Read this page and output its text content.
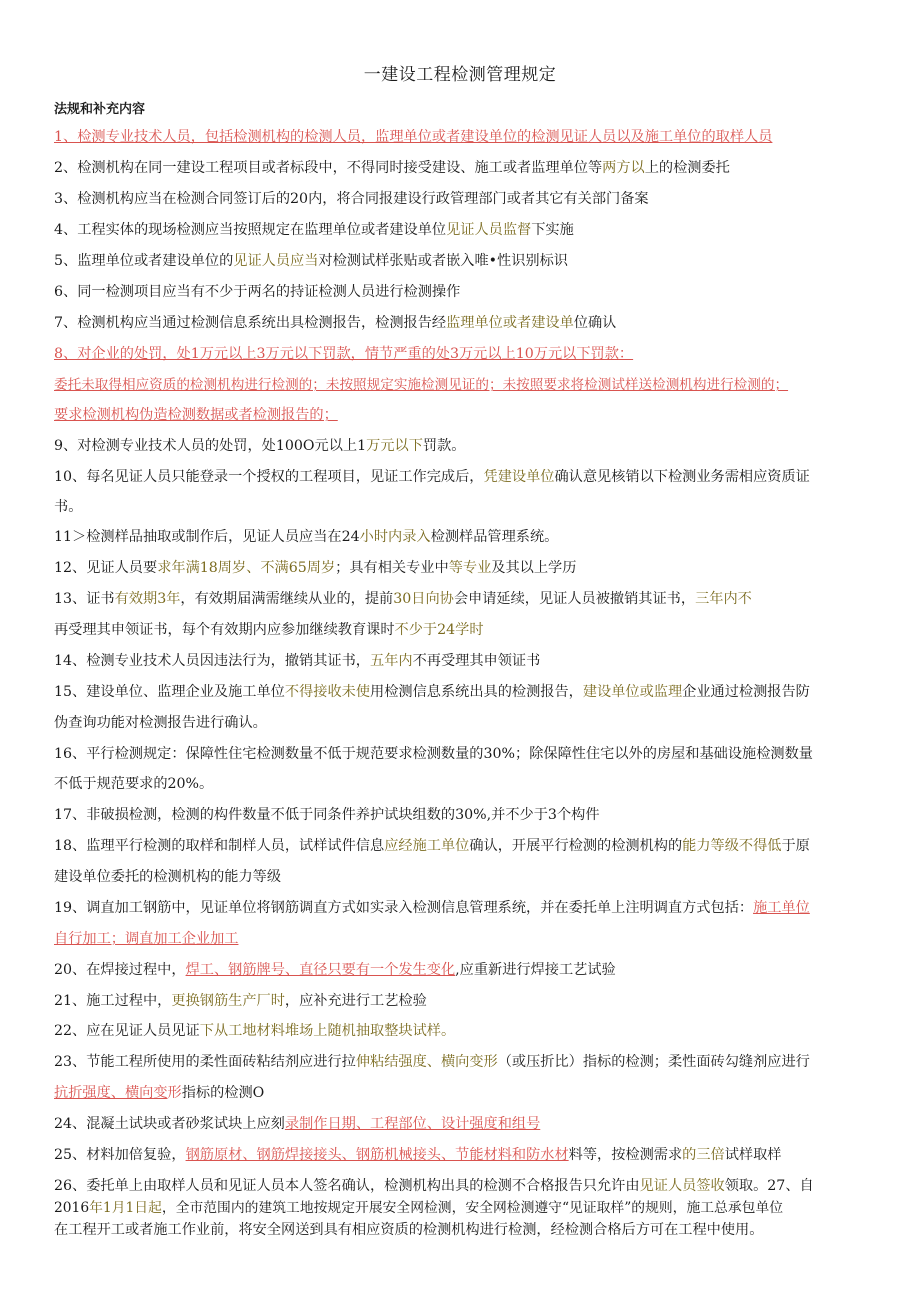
一建设工程检测管理规定
法规和补充内容
1、检测专业技术人员，包括检测机构的检测人员，监理单位或者建设单位的检测见证人员以及施工单位的取样人员
2、检测机构在同一建设工程项目或者标段中，不得同时接受建设、施工或者监理单位等两方以上的检测委托
3、检测机构应当在检测合同签订后的20内，将合同报建设行政管理部门或者其它有关部门备案
4、工程实体的现场检测应当按照规定在监理单位或者建设单位见证人员监督下实施
5、监理单位或者建设单位的见证人员应当对检测试样张贴或者嵌入唯•性识别标识
6、同一检测项目应当有不少于两名的持证检测人员进行检测操作
7、检测机构应当通过检测信息系统出具检测报告，检测报告经监理单位或者建设单位确认
8、对企业的处罚，处1万元以上3万元以下罚款，情节严重的处3万元以上10万元以下罚款：
委托未取得相应资质的检测机构进行检测的；未按照规定实施检测见证的；未按照要求将检测试样送检测机构进行检测的；
要求检测机构伪造检测数据或者检测报告的；
9、对检测专业技术人员的处罚，处100O元以上1万元以下罚款。
10、每名见证人员只能登录一个授权的工程项目，见证工作完成后，凭建设单位确认意见核销以下检测业务需相应资质证
书。
11＞检测样品抽取或制作后，见证人员应当在24小时内录入检测样品管理系统。
12、见证人员要求年满18周岁、不满65周岁；具有相关专业中等专业及其以上学历
13、证书有效期3年，有效期届满需继续从业的，提前30日向协会申请延续，见证人员被撤销其证书，三年内不
再受理其申领证书，每个有效期内应参加继续教育课时不少于24学时
14、检测专业技术人员因违法行为，撤销其证书，五年内不再受理其申领证书
15、建设单位、监理企业及施工单位不得接收未使用检测信息系统出具的检测报告，建设单位或监理企业通过检测报告防
伪查询功能对检测报告进行确认。
16、平行检测规定：保障性住宅检测数量不低于规范要求检测数量的30%；除保障性住宅以外的房屋和基础设施检测数量
不低于规范要求的20%。
17、非破损检测，检测的构件数量不低于同条件养护试块组数的30%,并不少于3个构件
18、监理平行检测的取样和制样人员，试样试件信息应经施工单位确认，开展平行检测的检测机构的能力等级不得低于原
建设单位委托的检测机构的能力等级
19、调直加工钢筋中，见证单位将钢筋调直方式如实录入检测信息管理系统，并在委托单上注明调直方式包括：施工单位
自行加工；调直加工企业加工
20、在焊接过程中，焊工、钢筋牌号、直径只要有一个发生变化,应重新进行焊接工艺试验
21、施工过程中，更换钢筋生产厂时，应补充进行工艺检验
22、应在见证人员见证下从工地材料堆场上随机抽取整块试样。
23、节能工程所使用的柔性面砖粘结剂应进行拉伸粘结强度、横向变形（或压折比）指标的检测；柔性面砖勾缝剂应进行
抗折强度、横向变形指标的检测O
24、混凝土试块或者砂浆试块上应刻录制作日期、工程部位、设计强度和组号
25、材料加倍复验，钢筋原材、钢筋焊接接头、钢筋机械接头、节能材料和防水材料等，按检测需求的三倍试样取样
26、委托单上由取样人员和见证人员本人签名确认，检测机构出具的检测不合格报告只允许由见证人员签收领取。27、自
2016年1月1日起，全市范围内的建筑工地按规定开展安全网检测，安全网检测遵守“见证取样”的规则，施工总承包单位
在工程开工或者施工作业前，将安全网送到具有相应资质的检测机构进行检测，经检测合格后方可在工程中使用。
